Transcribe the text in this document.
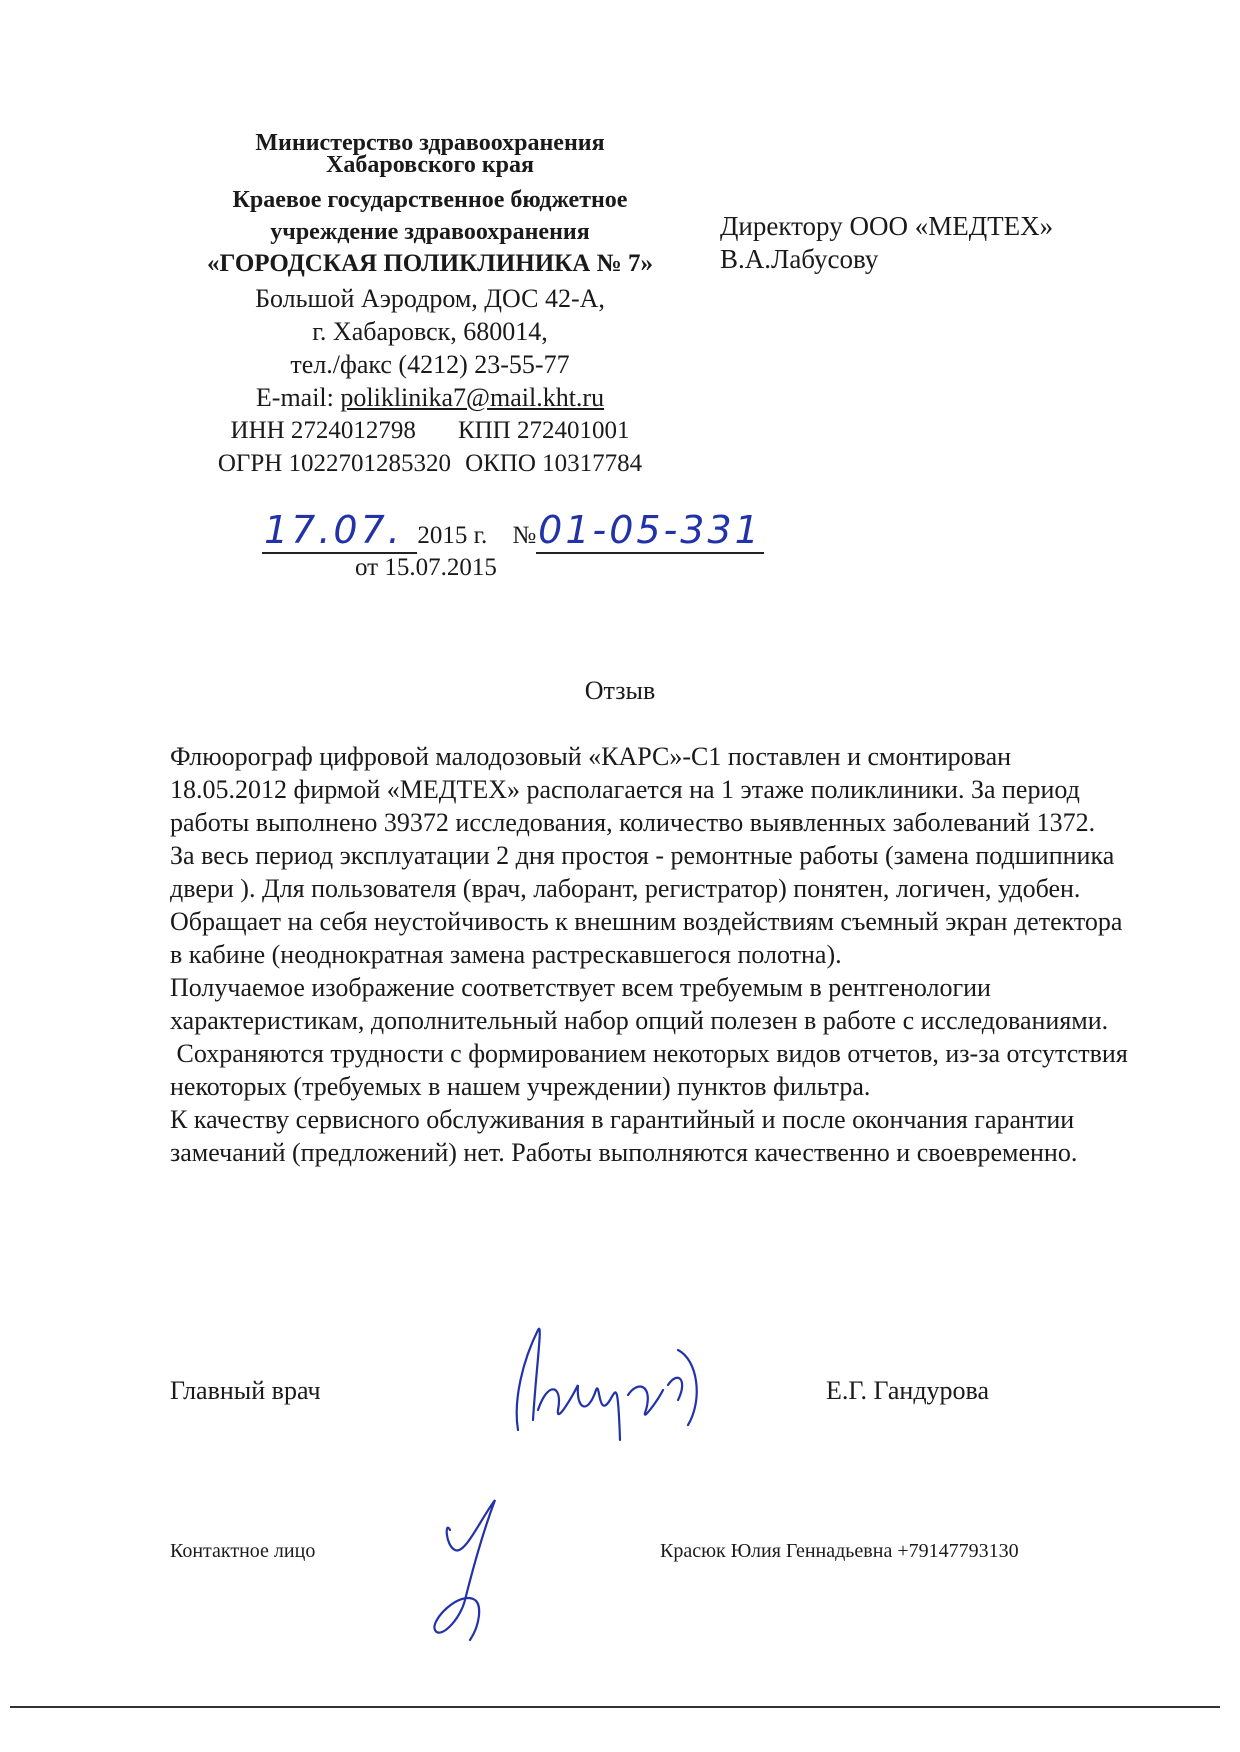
Министерство здравоохранения
Хабаровского края
Краевое государственное бюджетное
учреждение здравоохранения
«ГОРОДСКАЯ ПОЛИКЛИНИКА № 7»
Большой Аэродром, ДОС 42-А,
г. Хабаровск, 680014,
тел./факс (4212) 23-55-77
E-mail: poliklinika7@mail.kht.ru
ИНН 2724012798 КПП 272401001
ОГРН 1022701285320 ОКПО 10317784
Директору ООО «МЕДТЕХ»
В.А.Лабусову
17.07. 2015 г. №01-05-331
от 15.07.2015
Отзыв

Флюорограф цифровой малодозовый «КАРС»-С1 поставлен и смонтирован 18.05.2012 фирмой «МЕДТЕХ» располагается на 1 этаже поликлиники. За период работы выполнено 39372 исследования, количество выявленных заболеваний 1372.

За весь период эксплуатации 2 дня простоя - ремонтные работы (замена подшипника двери ). Для пользователя (врач, лаборант, регистратор) понятен, логичен, удобен. Обращает на себя неустойчивость к внешним воздействиям съемный экран детектора в кабине (неоднократная замена растрескавшегося полотна).

Получаемое изображение соответствует всем требуемым в рентгенологии характеристикам, дополнительный набор опций полезен в работе с исследованиями.

Сохраняются трудности с формированием некоторых видов отчетов, из-за отсутствия некоторых (требуемых в нашем учреждении) пунктов фильтра.

К качеству сервисного обслуживания в гарантийный и после окончания гарантии замечаний (предложений) нет. Работы выполняются качественно и своевременно.

Главный врач	Е.Г. Гандурова
Контактное лицо	Красюк Юлия Геннадьевна +79147793130
